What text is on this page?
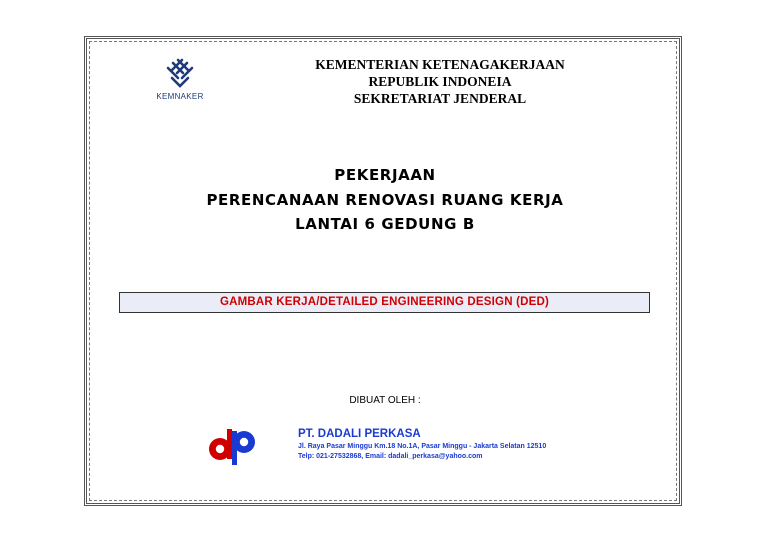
KEMNAKER
KEMENTERIAN KETENAGAKERJAAN
REPUBLIK INDONEIA
SEKRETARIAT JENDERAL
PEKERJAAN
PERENCANAAN RENOVASI RUANG KERJA
LANTAI 6 GEDUNG B
GAMBAR KERJA/DETAILED ENGINEERING DESIGN (DED)
DIBUAT OLEH :
PT. DADALI PERKASA
Jl. Raya Pasar Minggu Km.18 No.1A, Pasar Minggu - Jakarta Selatan 12510
Telp: 021-27532868, Email: dadali_perkasa@yahoo.com
